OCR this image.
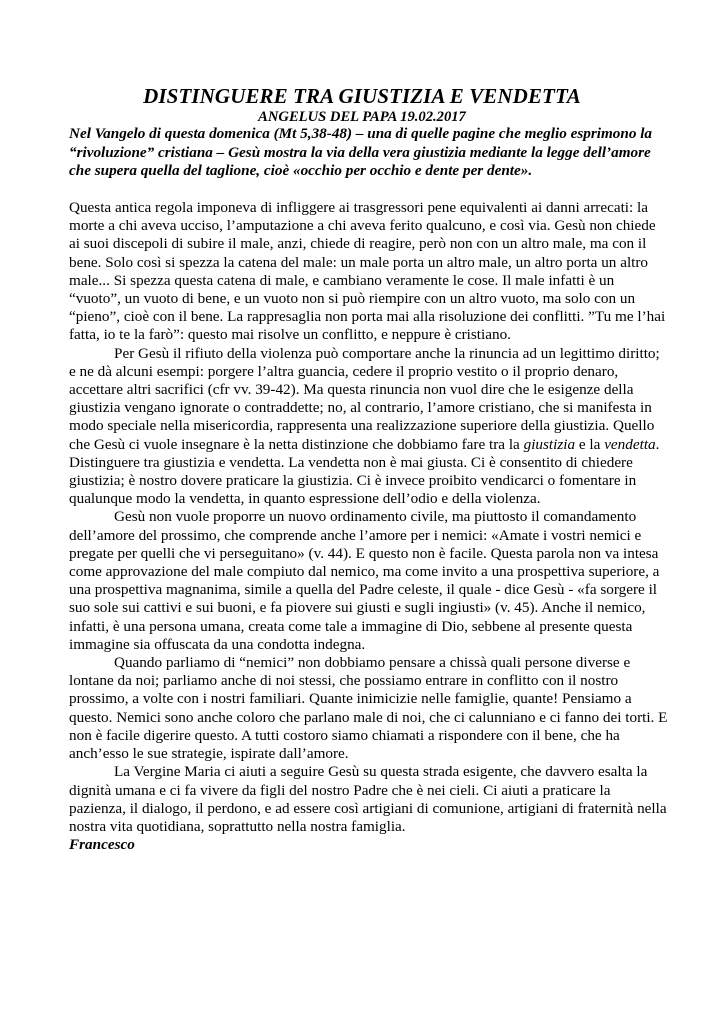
DISTINGUERE TRA GIUSTIZIA E VENDETTA
ANGELUS DEL PAPA 19.02.2017
Nel Vangelo di questa domenica (Mt 5,38-48) – una di quelle pagine che meglio esprimono la “rivoluzione” cristiana – Gesù mostra la via della vera giustizia mediante la legge dell’amore che supera quella del taglione, cioè «occhio per occhio e dente per dente».

Questa antica regola imponeva di infliggere ai trasgressori pene equivalenti ai danni arrecati: la morte a chi aveva ucciso, l’amputazione a chi aveva ferito qualcuno, e così via. Gesù non chiede ai suoi discepoli di subire il male, anzi, chiede di reagire, però non con un altro male, ma con il bene. Solo così si spezza la catena del male: un male porta un altro male, un altro porta un altro male... Si spezza questa catena di male, e cambiano veramente le cose. Il male infatti è un “vuoto”, un vuoto di bene, e un vuoto non si può riempire con un altro vuoto, ma solo con un “pieno”, cioè con il bene. La rappresaglia non porta mai alla risoluzione dei conflitti. ”Tu me l’hai fatta, io te la farò”: questo mai risolve un conflitto, e neppure è cristiano.

Per Gesù il rifiuto della violenza può comportare anche la rinuncia ad un legittimo diritto; e ne dà alcuni esempi: porgere l’altra guancia, cedere il proprio vestito o il proprio denaro, accettare altri sacrifici (cfr vv. 39-42). Ma questa rinuncia non vuol dire che le esigenze della giustizia vengano ignorate o contraddette; no, al contrario, l’amore cristiano, che si manifesta in modo speciale nella misericordia, rappresenta una realizzazione superiore della giustizia. Quello che Gesù ci vuole insegnare è la netta distinzione che dobbiamo fare tra la giustizia e la vendetta. Distinguere tra giustizia e vendetta. La vendetta non è mai giusta. Ci è consentito di chiedere giustizia; è nostro dovere praticare la giustizia. Ci è invece proibito vendicarci o fomentare in qualunque modo la vendetta, in quanto espressione dell’odio e della violenza.

Gesù non vuole proporre un nuovo ordinamento civile, ma piuttosto il comandamento dell’amore del prossimo, che comprende anche l’amore per i nemici: «Amate i vostri nemici e pregate per quelli che vi perseguitano» (v. 44). E questo non è facile. Questa parola non va intesa come approvazione del male compiuto dal nemico, ma come invito a una prospettiva superiore, a una prospettiva magnanima, simile a quella del Padre celeste, il quale - dice Gesù - «fa sorgere il suo sole sui cattivi e sui buoni, e fa piovere sui giusti e sugli ingiusti» (v. 45). Anche il nemico, infatti, è una persona umana, creata come tale a immagine di Dio, sebbene al presente questa immagine sia offuscata da una condotta indegna.

Quando parliamo di “nemici” non dobbiamo pensare a chissà quali persone diverse e lontane da noi; parliamo anche di noi stessi, che possiamo entrare in conflitto con il nostro prossimo, a volte con i nostri familiari. Quante inimicizie nelle famiglie, quante! Pensiamo a questo. Nemici sono anche coloro che parlano male di noi, che ci calunniano e ci fanno dei torti. E non è facile digerire questo. A tutti costoro siamo chiamati a rispondere con il bene, che ha anch’esso le sue strategie, ispirate dall’amore.

La Vergine Maria ci aiuti a seguire Gesù su questa strada esigente, che davvero esalta la dignità umana e ci fa vivere da figli del nostro Padre che è nei cieli. Ci aiuti a praticare la pazienza, il dialogo, il perdono, e ad essere così artigiani di comunione, artigiani di fraternità nella nostra vita quotidiana, soprattutto nella nostra famiglia.

Francesco
